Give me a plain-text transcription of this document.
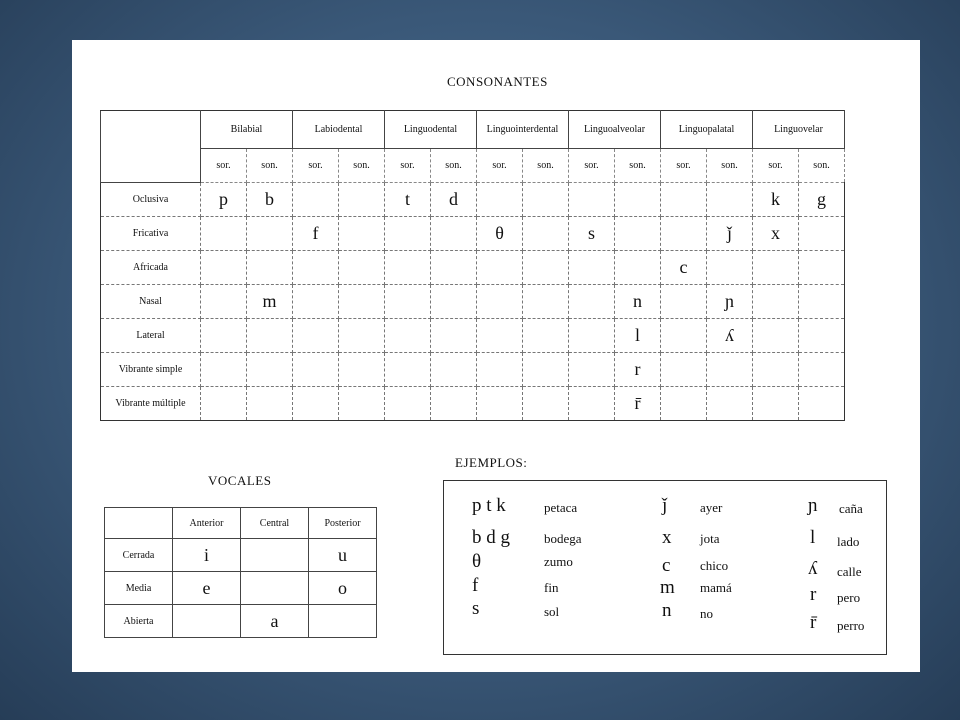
CONSONANTES
	Bilabial		Labiodental		Linguodental		Linguointerdental		Linguoalveolar		Linguopalatal		Linguovelar	
	sor.	son.	sor.	son.	sor.	son.	sor.	son.	sor.	son.	sor.	son.	sor.	son.
Oclusiva	p	b			t	d							k	g
Fricativa			f				θ		s			ǰ	x	
Africada											c			
Nasal		m								n		ɲ		
Lateral										l		ʎ		
Vibrante simple										r				
Vibrante múltiple										r̄				
VOCALES
	Anterior	Central	Posterior
Cerrada	i		u
Media	e		o
Abierta		a	
EJEMPLOS:
p t k	petaca
b d g	bodega
θ	zumo
f	fin
s	sol
ǰ	ayer
x jota
c chico
m mamá
n no
ɲ caña
l lado
ʎ calle
r pero
r̄ perro
